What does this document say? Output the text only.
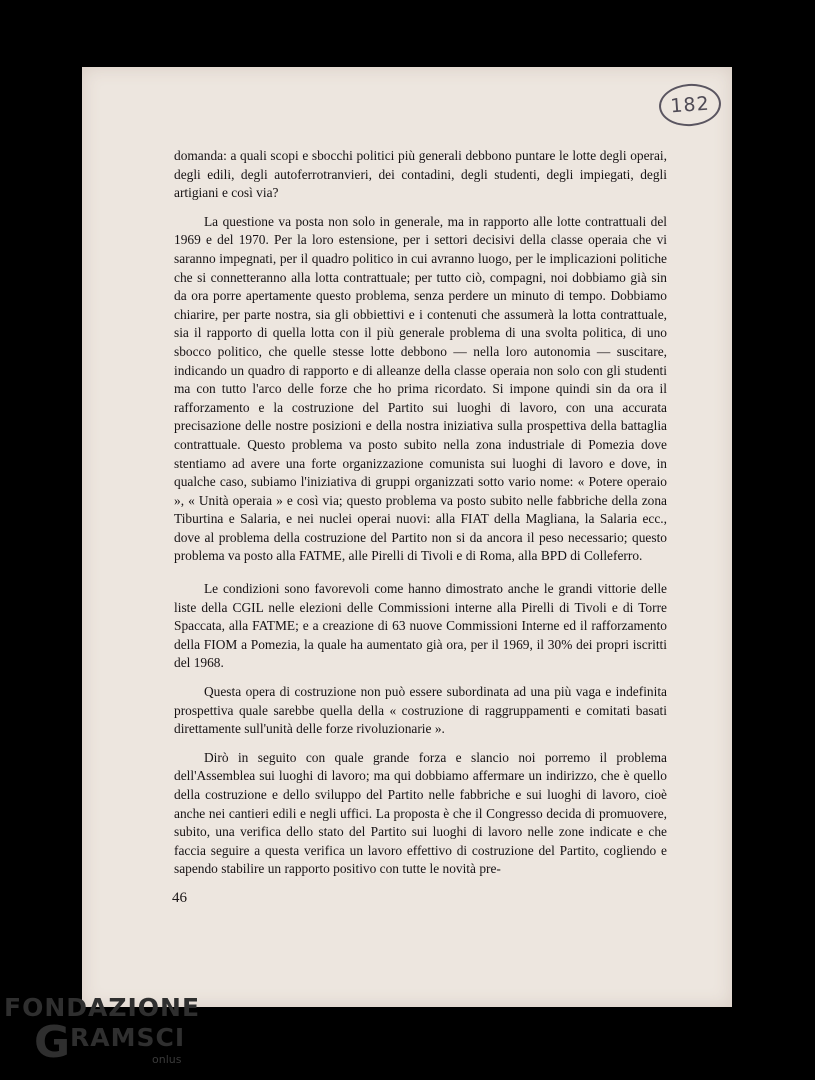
182

domanda: a quali scopi e sbocchi politici più generali debbono puntare le lotte degli operai, degli edili, degli autoferrotranvieri, dei contadini, degli studenti, degli impiegati, degli artigiani e così via?

La questione va posta non solo in generale, ma in rapporto alle lotte contrattuali del 1969 e del 1970. Per la loro estensione, per i settori decisivi della classe operaia che vi saranno impegnati, per il quadro politico in cui avranno luogo, per le implicazioni politiche che si connetteranno alla lotta contrattuale; per tutto ciò, compagni, noi dobbiamo già sin da ora porre apertamente questo problema, senza perdere un minuto di tempo. Dobbiamo chiarire, per parte nostra, sia gli obbiettivi e i contenuti che assumerà la lotta contrattuale, sia il rapporto di quella lotta con il più generale problema di una svolta politica, di uno sbocco politico, che quelle stesse lotte debbono — nella loro autonomia — suscitare, indicando un quadro di rapporto e di alleanze della classe operaia non solo con gli studenti ma con tutto l'arco delle forze che ho prima ricordato. Si impone quindi sin da ora il rafforzamento e la costruzione del Partito sui luoghi di lavoro, con una accurata precisazione delle nostre posizioni e della nostra iniziativa sulla prospettiva della battaglia contrattuale. Questo problema va posto subito nella zona industriale di Pomezia dove stentiamo ad avere una forte organizzazione comunista sui luoghi di lavoro e dove, in qualche caso, subiamo l'iniziativa di gruppi organizzati sotto vario nome: « Potere operaio », « Unità operaia » e così via; questo problema va posto subito nelle fabbriche della zona Tiburtina e Salaria, e nei nuclei operai nuovi: alla FIAT della Magliana, la Salaria ecc., dove al problema della costruzione del Partito non si da ancora il peso necessario; questo problema va posto alla FATME, alle Pirelli di Tivoli e di Roma, alla BPD di Colleferro.

Le condizioni sono favorevoli come hanno dimostrato anche le grandi vittorie delle liste della CGIL nelle elezioni delle Commissioni interne alla Pirelli di Tivoli e di Torre Spaccata, alla FATME; e a creazione di 63 nuove Commissioni Interne ed il rafforzamento della FIOM a Pomezia, la quale ha aumentato già ora, per il 1969, il 30% dei propri iscritti del 1968.

Questa opera di costruzione non può essere subordinata ad una più vaga e indefinita prospettiva quale sarebbe quella della « costruzione di raggruppamenti e comitati basati direttamente sull'unità delle forze rivoluzionarie ».

Dirò in seguito con quale grande forza e slancio noi porremo il problema dell'Assemblea sui luoghi di lavoro; ma qui dobbiamo affermare un indirizzo, che è quello della costruzione e dello sviluppo del Partito nelle fabbriche e sui luoghi di lavoro, cioè anche nei cantieri edili e negli uffici. La proposta è che il Congresso decida di promuovere, subito, una verifica dello stato del Partito sui luoghi di lavoro nelle zone indicate e che faccia seguire a questa verifica un lavoro effettivo di costruzione del Partito, cogliendo e sapendo stabilire un rapporto positivo con tutte le novità pre-

46
FONDAZIONE
G RAMSCI
onlus
